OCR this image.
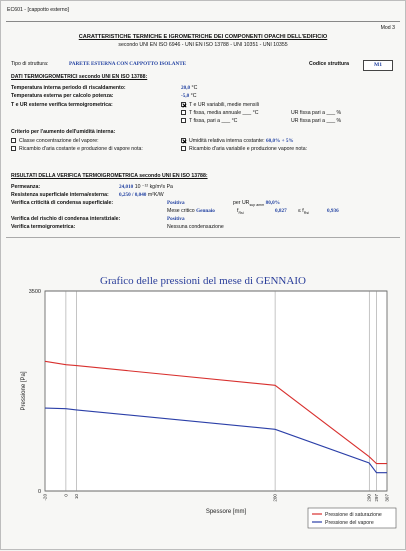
EC601 - [cappotto esterno]
Mod 3
CARATTERISTICHE TERMICHE E IGROMETRICHE DEI COMPONENTI OPACHI DELL'EDIFICIO
secondo UNI EN ISO 6946 - UNI EN ISO 13788 - UNI 10351 - UNI 10355
Tipo di struttura:	PARETE ESTERNA CON CAPPOTTO ISOLANTE	Codice struttura	M1
DATI TERMOIGROMETRICI secondo UNI EN ISO 13788:
Temperatura interna periodo di riscaldamento:	20,0 °C
Temperatura esterna per calcolo potenza:	-5,0 °C
T e UR esterne verifica termoigrometrica:	T e UR variabili, medie mensili
T fissa, media annuale ___ °C	UR fissa pari a ___ %
T fissa, pari a ___ °C	UR fissa pari a ___ %
Criterio per l'aumento dell'umidità interna:
Classe concentrazione del vapore:	Umidità relativa interna costante: 60,0% + 5%
Ricambio d'aria costante e produzione di vapore nota:	Ricambio d'aria variabile e produzione vapore nota:
RISULTATI DELLA VERIFICA TERMOIGROMETRICA secondo UNI EN ISO 13788:
Permeanza:	24,010 10 ⁻¹² kg/m²s Pa
Resistenza superficiale interna/esterna: 0,250 / 0,040 m²K/W
Verifica criticità di condensa superficiale:	Positiva	per $UR_{sup amm}$ 80,0%
Mese critico Gennaio	$f_{Rsi}$	$0,827 \le f_{Rsi}$	0,936
Verifica del rischio di condensa interstiziale:	Positiva
Verifica termoigrometrica:	Nessuna condensazione
Grafico delle pressioni del mese di GENNAIO
0
3500
-20	0 10	200	290 297 307
Pressione [Pa]
Spessore [mm]	Pressione di saturazione
Pressione del vapore
